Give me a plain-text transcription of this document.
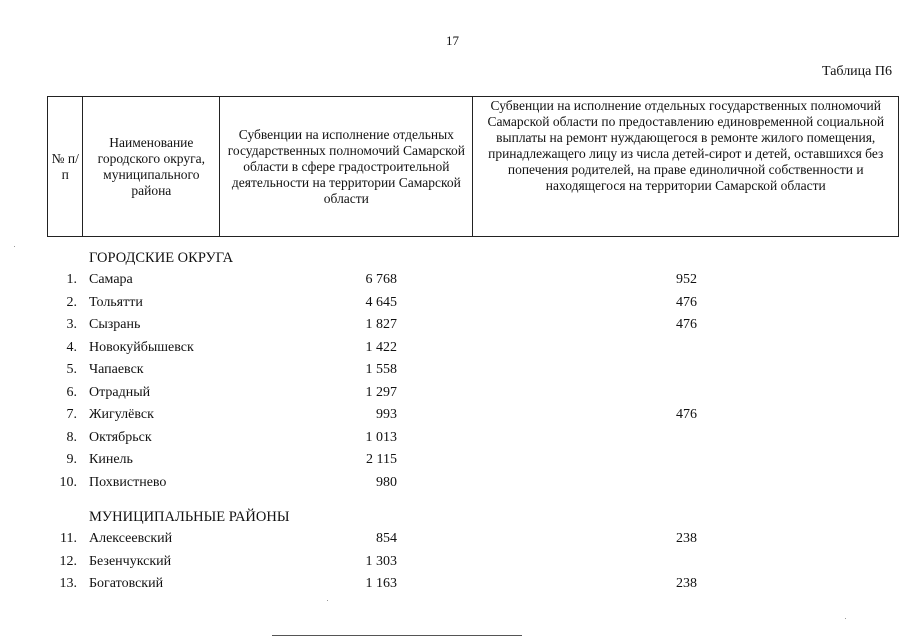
17
Таблица П6
№ п/п	Наименование городского округа, муниципального района	Субвенции на исполнение отдельных государственных полномочий Самарской области в сфере градостроительной деятельности на территории Самарской области	Субвенции на исполнение отдельных государственных полномочий Самарской области по предоставлению единовременной социальной выплаты на ремонт нуждающегося в ремонте жилого помещения, принадлежащего лицу из числа детей-сирот и детей, оставшихся без попечения родителей, на праве единоличной собственности и находящегося на территории Самарской области
ГОРОДСКИЕ ОКРУГА
1. Самара	6 768	952
2. Тольятти	4 645	476
3. Сызрань	1 827	476
4. Новокуйбышевск	1 422
5. Чапаевск	1 558
6. Отрадный	1 297
7. Жигулёвск	993	476
8. Октябрьск	1 013
9. Кинель	2 115
10. Похвистнево	980
МУНИЦИПАЛЬНЫЕ РАЙОНЫ
11. Алексеевский	854	238
12. Безенчукский	1 303
13. Богатовский	1 163	238
